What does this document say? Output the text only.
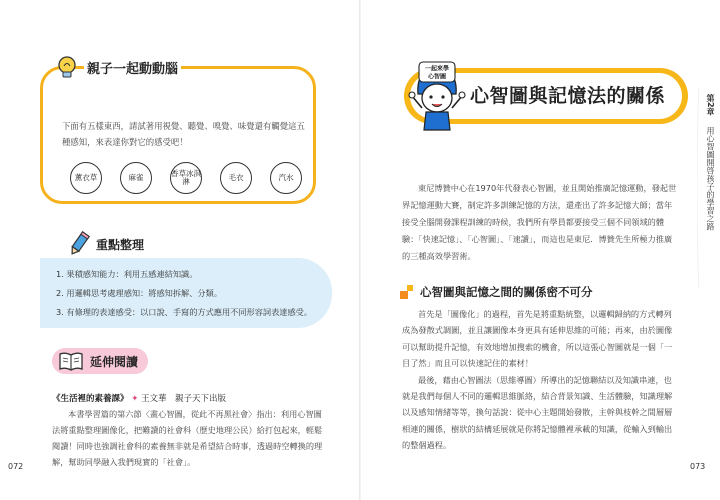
親子一起動動腦
下面有五樣東西，請試著用視覺、聽覺、嗅覺、味覺還有觸覺這五種感知，來表達你對它的感受吧！
薰衣草	麻雀	香草冰淇淋	毛衣	汽水
重點整理
1. 果積感知能力：利用五感連結知識。
2. 用邏輯思考處理感知：將感知拆解、分類。
3. 有條理的表達感受：以口說、手寫的方式應用不同形容詞表達感受。
延伸閱讀
《生活裡的素養課》 ✦ 王文華　親子天下出版
本書學習篇的第六節〈畫心智圖，從此不再黑社會〉指出：利用心智圖法將重點整理圖像化，把難讀的社會科（歷史地理公民）給打包起來，輕鬆閱讀！同時也強調社會科的素養無非就是希望結合時事，透過時空轉換的理解，幫助同學融入我們現實的「社會」。
072
一起來學
心智圖
心智圖與記憶法的關係	第2章  用心智圖開啓孩子的學習之路
東尼博贊中心在1970年代發表心智圖，並且開始推廣記憶運動，發起世界記憶運動大賽，制定許多訓練記憶的方法，還產出了許多記憶大師；當年接受全腦開發課程訓練的時候，我們所有學員都要接受三個不同領域的體驗：「快速記憶」、「心智圖」、「速讀」，而這也是東尼．博贊先生所極力推廣的三種高效學習術。
心智圖與記憶之間的關係密不可分

首先是「圖像化」的過程，首先是將重點統整，以邏輯歸納的方式轉列成為發散式調圖，並且讓圖像本身更具有延伸思維的可能；再來，由於圖像可以幫助提升記憶，有效地增加搜索的機會，所以這張心智圖就是一個「一目了然」而且可以快速記住的素材！

最後，藉由心智圖法（思維導圖）所導出的記憶聯結以及知識串連，也就是我們每個人不同的邏輯思維脈絡，結合背景知識、生活體驗，知識理解以及感知情緒等等，換句話說：從中心主題開始發散，主幹與枝幹之間層層相連的關係，樹狀的結構延展就是你將記憶體裡承載的知識，從輸入到輸出的整個過程。

073
